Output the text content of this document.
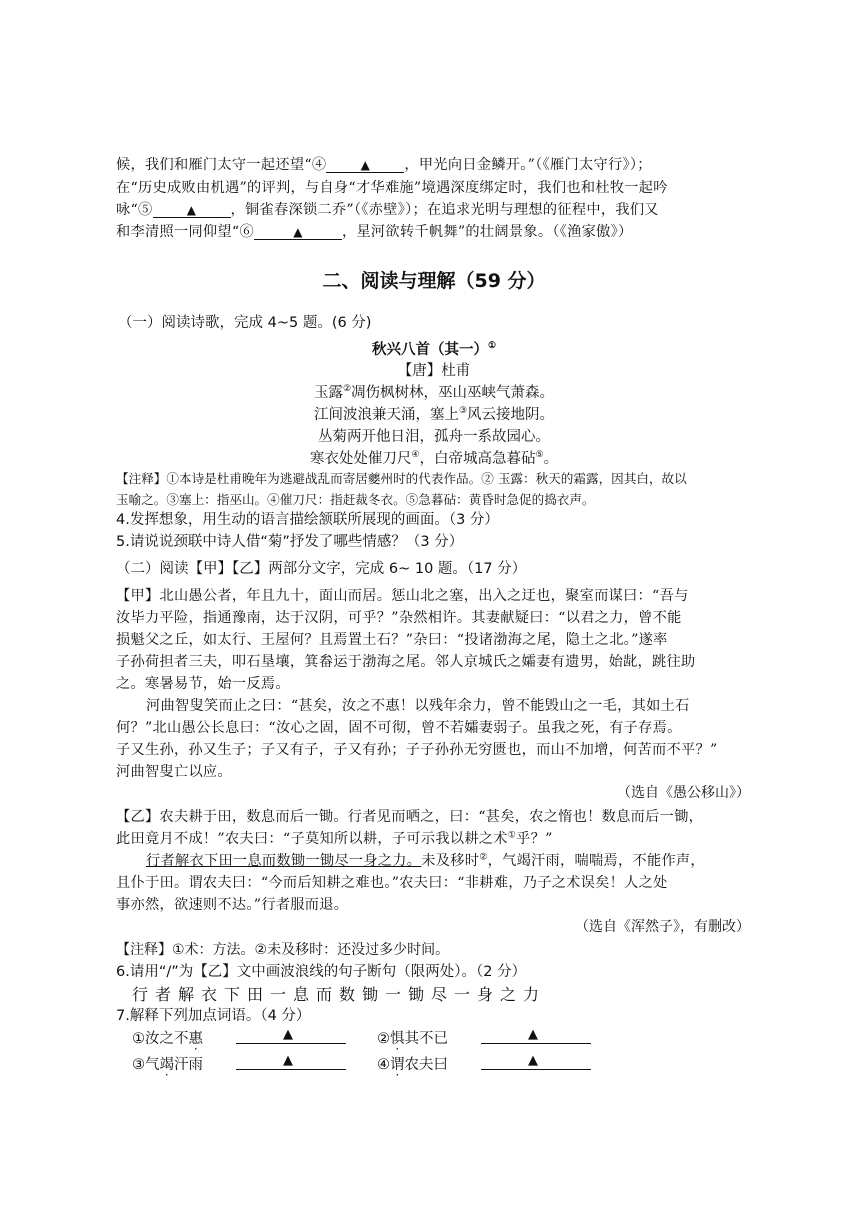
候，我们和雁门太守一起还望“④	▲ ，甲光向日金鳞开。”（《雁门太守行》）；
在“历史成败由机遇”的评判，与自身“才华难施”境遇深度绑定时，我们也和杜牧一起吟
咏“⑤	▲ ，铜雀春深锁二乔”（《赤壁》）；在追求光明与理想的征程中，我们又
和李清照一同仰望“⑥	▲	，星河欲转千帆舞”的壮阔景象。（《渔家傲》）
二、阅读与理解（59 分）
（一）阅读诗歌，完成 4~5 题。(6 分)
秋兴八首（其一）①
【唐】杜甫
玉露②凋伤枫树林，巫山巫峡气萧森。
江间波浪兼天涌，塞上③风云接地阴。
丛菊两开他日泪，孤舟一系故园心。
寒衣处处催刀尺④，白帝城高急暮砧⑤。
【注释】①本诗是杜甫晚年为逃避战乱而寄居夔州时的代表作品。② 玉露：秋天的霜露，因其白，故以
玉喻之。③塞上：指巫山。④催刀尺：指赶裁冬衣。⑤急暮砧：黄昏时急促的捣衣声。
4.发挥想象，用生动的语言描绘颔联所展现的画面。（3 分）
5.请说说颈联中诗人借“菊”抒发了哪些情感？（3 分）
（二）阅读【甲】【乙】两部分文字，完成 6~ 10 题。（17 分）
【甲】北山愚公者，年且九十，面山而居。惩山北之塞，出入之迂也，聚室而谋曰：“吾与
汝毕力平险，指通豫南，达于汉阴，可乎？”杂然相许。其妻献疑曰：“以君之力，曾不能
损魁父之丘，如太行、王屋何？且焉置土石？”杂曰：“投诸渤海之尾，隐土之北。”遂率
子孙荷担者三夫，叩石垦壤，箕畚运于渤海之尾。邻人京城氏之孀妻有遗男，始龀，跳往助
之。寒暑易节，始一反焉。
河曲智叟笑而止之曰：“甚矣，汝之不惠！以残年余力，曾不能毁山之一毛，其如土石
何？”北山愚公长息曰：“汝心之固，固不可彻，曾不若孀妻弱子。虽我之死，有子存焉。
子又生孙，孙又生子；子又有子，子又有孙；子子孙孙无穷匮也，而山不加增，何苦而不平？”
河曲智叟亡以应。
（选自《愚公移山》）
【乙】农夫耕于田，数息而后一锄。行者见而哂之，曰：“甚矣，农之惰也！数息而后一锄，
此田竟月不成！”农夫曰：“子莫知所以耕，子可示我以耕之术①乎？”
行者解衣下田一息而数锄一锄尽一身之力。未及移时②，气竭汗雨，喘喘焉，不能作声，
且仆于田。谓农夫曰：“今而后知耕之难也。”农夫曰：“非耕难，乃子之术误矣！人之处
事亦然，欲速则不达。”行者服而退。
（选自《浑然子》，有删改）
【注释】①术：方法。②未及移时：还没过多少时间。
6.请用“/”为【乙】文中画波浪线的句子断句（限两处）。（2 分）
行者解衣下田一息而数锄一锄尽一身之力
7.解释下列加点词语。（4 分）
①汝之不惠	▲	②惧其不已	▲
③气竭汗雨	▲	④谓农夫曰	▲
